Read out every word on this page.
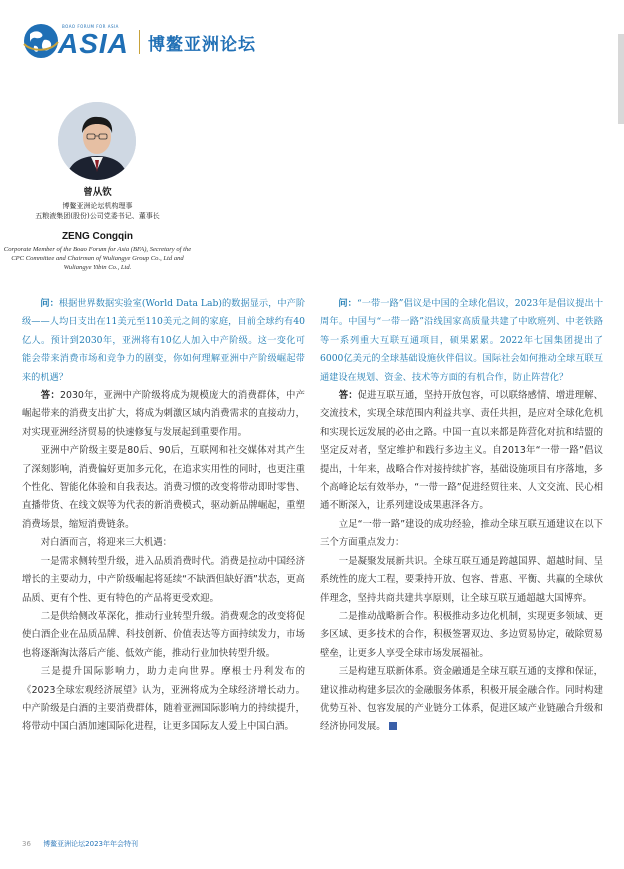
BOAO FORUM FOR ASIA
ASIA 博鳌亚洲论坛
曾从钦
博鳌亚洲论坛机构理事
五粮液集团(股份)公司党委书记、董事长
ZENG Congqin
Corporate Member of the Boao Forum for Asia (BFA), Secretary of the CPC Committee and Chairman of Wuliangye Group Co., Ltd and Wuliangye Yibin Co., Ltd.

问：根据世界数据实验室(World Data Lab)的数据显示，中产阶级——人均日支出在11美元至110美元之间的家庭，目前全球约有40亿人。预计到2030年，亚洲将有10亿人加入中产阶级。这一变化可能会带来消费市场和竞争力的剧变，你如何理解亚洲中产阶级崛起带来的机遇？

答：2030年，亚洲中产阶级将成为规模庞大的消费群体，中产崛起带来的消费支出扩大，将成为刺激区域内消费需求的直接动力，对实现亚洲经济贸易的快速修复与发展起到重要作用。

亚洲中产阶级主要是80后、90后，互联网和社交媒体对其产生了深刻影响，消费偏好更加多元化，在追求实用性的同时，也更注重个性化、智能化体验和自我表达。消费习惯的改变将带动即时零售、直播带货、在线文娱等为代表的新消费模式，驱动新品牌崛起，重塑消费场景，缩短消费链条。

对白酒而言，将迎来三大机遇：

一是需求侧转型升级，进入品质消费时代。消费是拉动中国经济增长的主要动力，中产阶级崛起将延续“不缺酒但缺好酒”状态，更高品质、更有个性、更有特色的产品将更受欢迎。

二是供给侧改革深化，推动行业转型升级。消费观念的改变将促使白酒企业在品质品牌、科技创新、价值表达等方面持续发力，市场也将逐渐淘汰落后产能、低效产能，推动行业加快转型升级。

三是提升国际影响力，助力走向世界。摩根士丹利发布的《2023全球宏观经济展望》认为，亚洲将成为全球经济增长动力。中产阶级是白酒的主要消费群体，随着亚洲国际影响力的持续提升，将带动中国白酒加速国际化进程，让更多国际友人爱上中国白酒。

问：“一带一路”倡议是中国的全球化倡议，2023年是倡议提出十周年。中国与“一带一路”沿线国家高质量共建了中欧班列、中老铁路等一系列重大互联互通项目，硕果累累。2022年七国集团提出了6000亿美元的全球基础设施伙伴倡议。国际社会如何推动全球互联互通建设在规划、资金、技术等方面的有机合作，防止阵营化？

答：促进互联互通，坚持开放包容，可以联络感情、增进理解、交流技术，实现全球范围内利益共享、责任共担，是应对全球化危机和实现长远发展的必由之路。中国一直以来都是阵营化对抗和结盟的坚定反对者，坚定维护和践行多边主义。自2013年“一带一路”倡议提出，十年来，战略合作对接持续扩容，基础设施项目有序落地，多个高峰论坛有效举办，“一带一路”促进经贸往来、人文交流、民心相通不断深入，让系列建设成果惠泽各方。

立足“一带一路”建设的成功经验，推动全球互联互通建议在以下三个方面重点发力：

一是凝聚发展新共识。全球互联互通是跨越国界、超越时间、呈系统性的庞大工程，要秉持开放、包容、普惠、平衡、共赢的全球伙伴理念，坚持共商共建共享原则，让全球互联互通超越大国博弈。

二是推动战略新合作。积极推动多边化机制，实现更多领域、更多区域、更多技术的合作，积极签署双边、多边贸易协定，破除贸易壁垒，让更多人享受全球市场发展福祉。

三是构建互联新体系。资金融通是全球互联互通的支撑和保证，建议推动构建多层次的金融服务体系，积极开展金融合作。同时构建优势互补、包容发展的产业链分工体系，促进区域产业链融合升级和经济协同发展。

36 博鳌亚洲论坛2023年年会特刊
